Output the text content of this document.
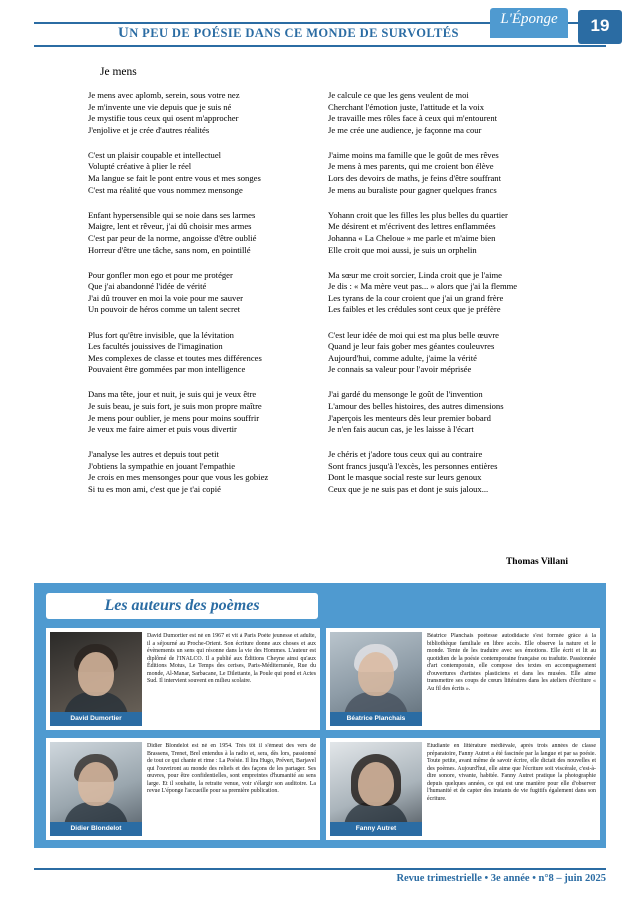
UN PEU DE POÉSIE DANS CE MONDE DE SURVOLTÉS
L'Éponge	19
Je mens
Je mens avec aplomb, serein, sous votre nez
Je m'invente une vie depuis que je suis né
Je mystifie tous ceux qui osent m'approcher
J'enjolive et je crée d'autres réalités
C'est un plaisir coupable et intellectuel
Volupté créative à plier le réel
Ma langue se fait le pont entre vous et mes songes
C'est ma réalité que vous nommez mensonge
Enfant hypersensible qui se noie dans ses larmes
Maigre, lent et rêveur, j'ai dû choisir mes armes
C'est par peur de la norme, angoisse d'être oublié
Horreur d'être une tâche, sans nom, en pointillé
Pour gonfler mon ego et pour me protéger
Que j'ai abandonné l'idée de vérité
J'ai dû trouver en moi la voie pour me sauver
Un pouvoir de héros comme un talent secret
Plus fort qu'être invisible, que la lévitation
Les facultés jouissives de l'imagination
Mes complexes de classe et toutes mes différences
Pouvaient être gommées par mon intelligence
Dans ma tête, jour et nuit, je suis qui je veux être
Je suis beau, je suis fort, je suis mon propre maître
Je mens pour oublier, je mens pour moins souffrir
Je veux me faire aimer et puis vous divertir
J'analyse les autres et depuis tout petit
J'obtiens la sympathie en jouant l'empathie
Je crois en mes mensonges pour que vous les gobiez
Si tu es mon ami, c'est que je t'ai copié
Je calcule ce que les gens veulent de moi
Cherchant l'émotion juste, l'attitude et la voix
Je travaille mes rôles face à ceux qui m'entourent
Je me crée une audience, je façonne ma cour
J'aime moins ma famille que le goût de mes rêves
Je mens à mes parents, qui me croient bon élève
Lors des devoirs de maths, je feins d'être souffrant
Je mens au buraliste pour gagner quelques francs
Yohann croit que les filles les plus belles du quartier
Me désirent et m'écrivent des lettres enflammées
Johanna « La Cheloue » me parle et m'aime bien
Elle croit que moi aussi, je suis un orphelin
Ma sœur me croit sorcier, Linda croit que je l'aime
Je dis : « Ma mère veut pas... » alors que j'ai la flemme
Les tyrans de la cour croient que j'ai un grand frère
Les faibles et les crédules sont ceux que je préfère
C'est leur idée de moi qui est ma plus belle œuvre
Quand je leur fais gober mes géantes couleuvres
Aujourd'hui, comme adulte, j'aime la vérité
Je connais sa valeur pour l'avoir méprisée
J'ai gardé du mensonge le goût de l'invention
L'amour des belles histoires, des autres dimensions
J'aperçois les menteurs dès leur premier bobard
Je n'en fais aucun cas, je les laisse à l'écart
Je chéris et j'adore tous ceux qui au contraire
Sont francs jusqu'à l'excès, les personnes entières
Dont le masque social reste sur leurs genoux
Ceux que je ne suis pas et dont je suis jaloux...
Thomas Villani
Les auteurs des poèmes
David Dumortier
David Dumortier est né en 1967 et vit à Paris Poète jeunesse et adulte, il a séjourné au Proche-Orient. Son écriture donne aux choses et aux évènements un sens qui résonne dans la vie des Hommes. L'auteur est diplômé de l'INALCO. Il a publié aux Éditions Cheyne ainsi qu'aux Éditions Motus, Le Temps des cerises, Paris-Méditerranée, Rue du monde, Al-Manar, Sarbacane, Le Dilettante, la Poule qui pond et Actes Sud. Il intervient souvent en milieu scolaire.
Béatrice Planchais
Béatrice Planchais poétesse autodidacte s'est formée grâce à la bibliothèque familiale en libre accès. Elle observe la nature et le monde. Tente de les traduire avec ses émotions. Elle écrit et lit au quotidien de la poésie contemporaine française ou traduite. Passionnée d'art contemporain, elle compose des textes en accompagnement d'ouvertures d'artistes plasticiens et dans les musées. Elle aime transmettre ses coups de cœurs littéraires dans les ateliers d'écriture « Au fil des écrits ».
Didier Blondelot
Didier Blondelot est né en 1954. Très tôt il s'émeut des vers de Brassens, Trenet, Brel entendus à la radio et, sera, dès lors, passionné de tout ce qui chante et rime : La Poésie. Il lira Hugo, Prévert, Barjavel qui l'ouvriront au monde des reliefs et des façons de les partager. Ses œuvres, pour être confidentielles, sont empreintes d'humanité au sens large. Et il souhaite, la retraite venue, voir s'élargir son auditoire. La revue L'éponge l'accueille pour sa première publication.
Fanny Autret
Étudiante en littérature médiévale, après trois années de classe préparatoire, Fanny Autret a été fascinée par la langue et par sa poésie. Toute petite, avant même de savoir écrire, elle dictait des nouvelles et des poèmes. Aujourd'hui, elle aime que l'écriture soit viscérale, c'est-à-dire sonore, vivante, habitée. Fanny Autret pratique la photographie depuis quelques années, ce qui est une manière pour elle d'observer l'humanité et de capter des instants de vie fugitifs également dans son écriture.
Revue trimestrielle • 3e année • n°8 – juin 2025
